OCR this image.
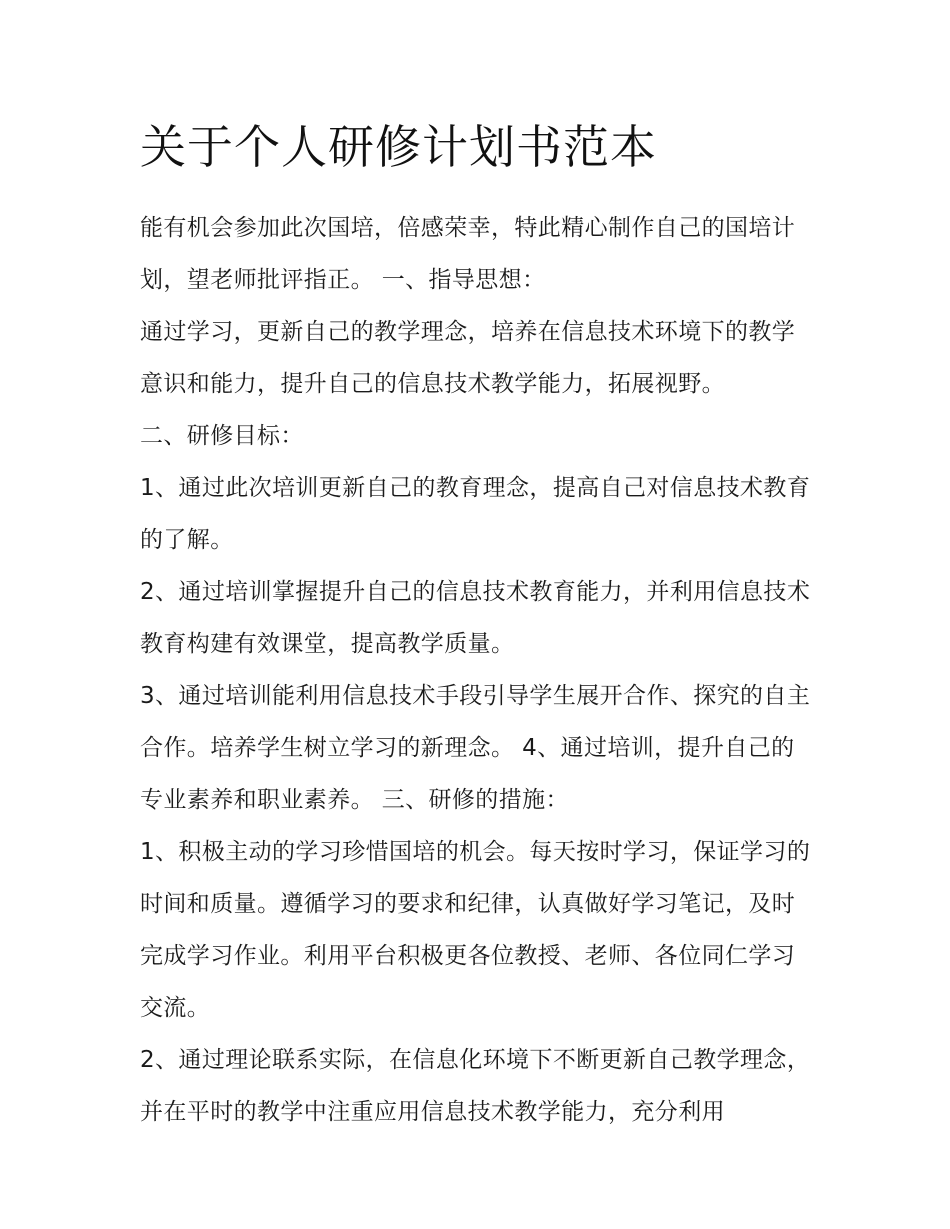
关于个人研修计划书范本

能有机会参加此次国培，倍感荣幸，特此精心制作自己的国培计划，望老师批评指正。 一、指导思想：

通过学习，更新自己的教学理念，培养在信息技术环境下的教学意识和能力，提升自己的信息技术教学能力，拓展视野。

二、研修目标：

1、通过此次培训更新自己的教育理念，提高自己对信息技术教育的了解。

2、通过培训掌握提升自己的信息技术教育能力，并利用信息技术教育构建有效课堂，提高教学质量。

3、通过培训能利用信息技术手段引导学生展开合作、探究的自主合作。培养学生树立学习的新理念。 4、通过培训，提升自己的专业素养和职业素养。 三、研修的措施：

1、积极主动的学习珍惜国培的机会。每天按时学习，保证学习的时间和质量。遵循学习的要求和纪律，认真做好学习笔记，及时完成学习作业。利用平台积极更各位教授、老师、各位同仁学习交流。

2、通过理论联系实际，在信息化环境下不断更新自己教学理念，并在平时的教学中注重应用信息技术教学能力，充分利用
